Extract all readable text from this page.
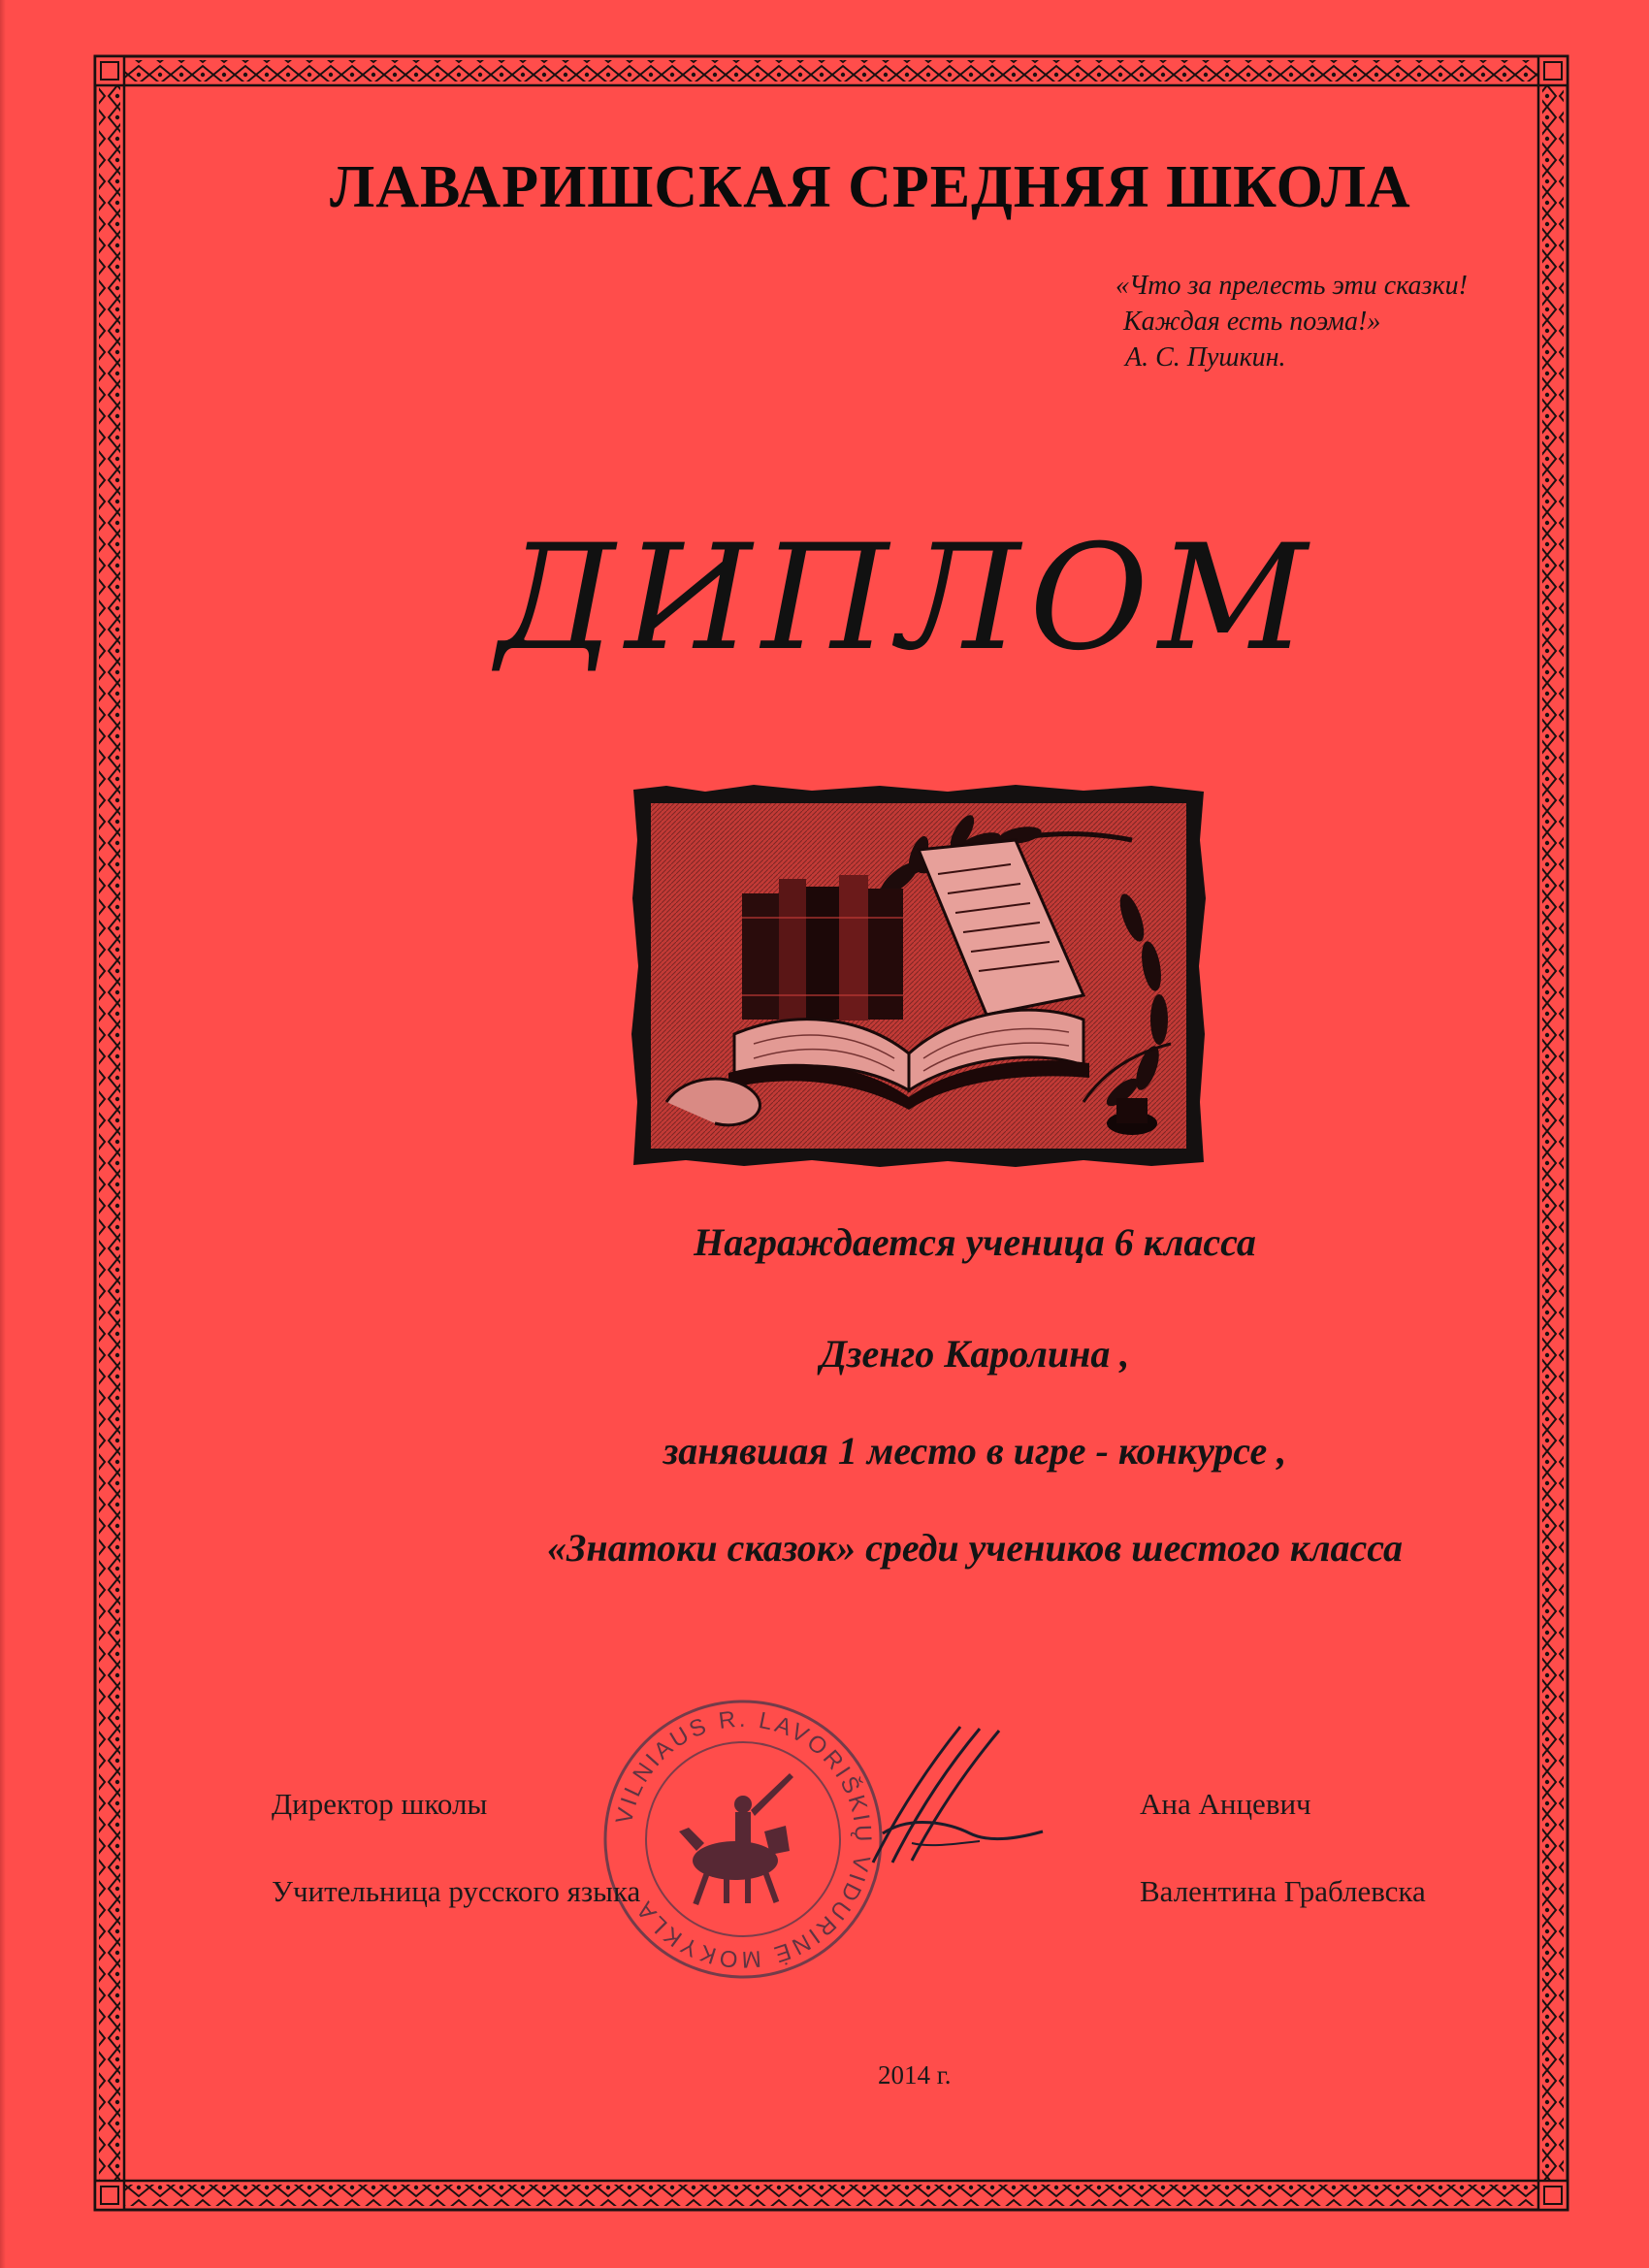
ЛАВАРИШСКАЯ СРЕДНЯЯ ШКОЛА
«Что за прелесть эти сказки!
Каждая есть поэма!»
А. С. Пушкин.
ДИПЛОМ
Награждается ученица 6 класса
Дзенго Каролина ,
занявшая 1 место в игре - конкурсе ,
«Знатоки сказок» среди учеников шестого класса
VILNIAUS R. LAVORIŠKIŲ VIDURINĖ MOKYKLA
Директор школы	Ана Анцевич
Учительница русского языка	Валентина Граблевска
2014 г.
